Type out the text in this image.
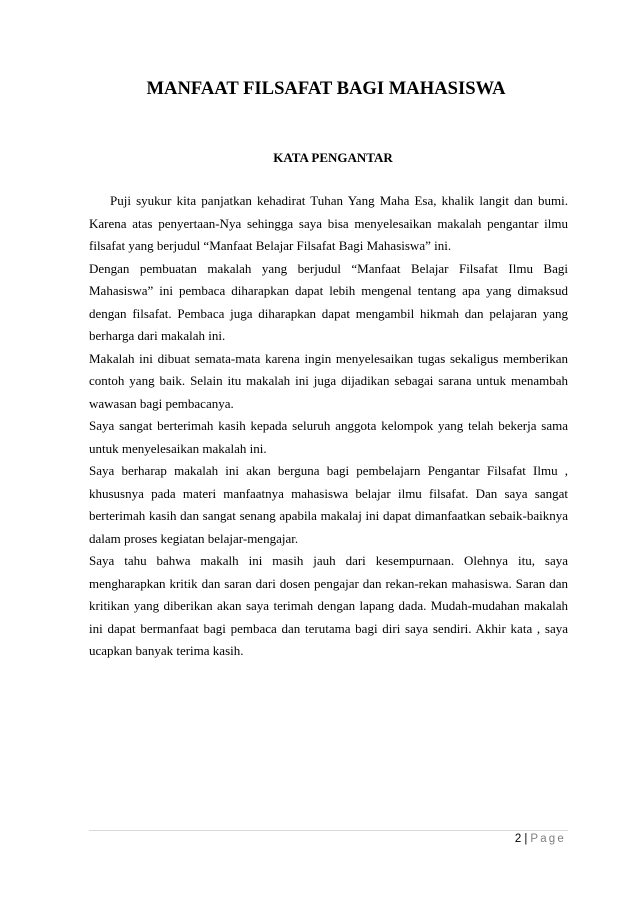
MANFAAT FILSAFAT BAGI MAHASISWA
KATA PENGANTAR

Puji syukur kita panjatkan kehadirat Tuhan Yang Maha Esa, khalik langit dan bumi. Karena atas penyertaan-Nya sehingga saya bisa menyelesaikan makalah pengantar ilmu filsafat yang berjudul “Manfaat Belajar Filsafat Bagi Mahasiswa” ini.

Dengan pembuatan makalah yang berjudul “Manfaat Belajar Filsafat Ilmu Bagi Mahasiswa” ini pembaca diharapkan dapat lebih mengenal tentang apa yang dimaksud dengan filsafat. Pembaca juga diharapkan dapat mengambil hikmah dan pelajaran yang berharga dari makalah ini.

Makalah ini dibuat semata-mata karena ingin menyelesaikan tugas sekaligus memberikan contoh yang baik. Selain itu makalah ini juga dijadikan sebagai sarana untuk menambah wawasan bagi pembacanya.

Saya sangat berterimah kasih kepada seluruh anggota kelompok yang telah bekerja sama untuk menyelesaikan makalah ini.

Saya berharap makalah ini akan berguna bagi pembelajarn Pengantar Filsafat Ilmu , khususnya pada materi manfaatnya mahasiswa belajar ilmu filsafat. Dan saya sangat berterimah kasih dan sangat senang apabila makalaj ini dapat dimanfaatkan sebaik-baiknya dalam proses kegiatan belajar-mengajar.

Saya tahu bahwa makalh ini masih jauh dari kesempurnaan. Olehnya itu, saya mengharapkan kritik dan saran dari dosen pengajar dan rekan-rekan mahasiswa. Saran dan kritikan yang diberikan akan saya terimah dengan lapang dada. Mudah-mudahan makalah ini dapat bermanfaat bagi pembaca dan terutama bagi diri saya sendiri. Akhir kata , saya ucapkan banyak terima kasih.

2 | Page
